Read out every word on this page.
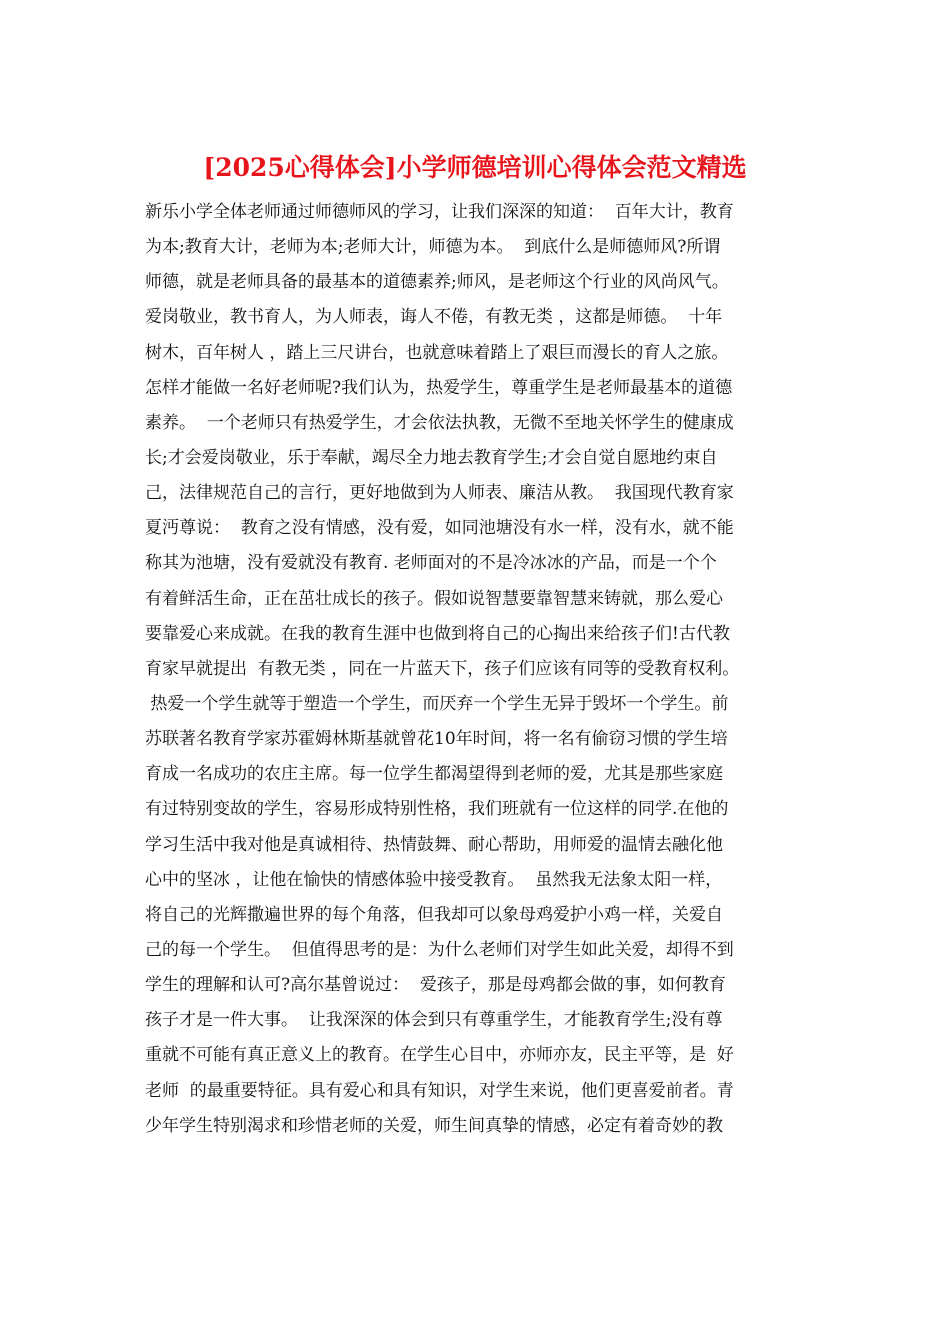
[2025心得体会]小学师德培训心得体会范文精选
新乐小学全体老师通过师德师风的学习，让我们深深的知道：  百年大计，教育
为本;教育大计，老师为本;老师大计，师德为本。  到底什么是师德师风?所谓
师德，就是老师具备的最基本的道德素养;师风，是老师这个行业的风尚风气。
爱岗敬业，教书育人，为人师表，诲人不倦，有教无类 ，这都是师德。  十年
树木，百年树人 ，踏上三尺讲台，也就意味着踏上了艰巨而漫长的育人之旅。
怎样才能做一名好老师呢?我们认为，热爱学生，尊重学生是老师最基本的道德
素养。  一个老师只有热爱学生，才会依法执教，无微不至地关怀学生的健康成
长;才会爱岗敬业，乐于奉献，竭尽全力地去教育学生;才会自觉自愿地约束自
己，法律规范自己的言行，更好地做到为人师表、廉洁从教。  我国现代教育家
夏沔尊说：  教育之没有情感，没有爱，如同池塘没有水一样，没有水，就不能
称其为池塘，没有爱就没有教育. 老师面对的不是冷冰冰的产品，而是一个个
有着鲜活生命，正在茁壮成长的孩子。假如说智慧要靠智慧来铸就，那么爱心
要靠爱心来成就。在我的教育生涯中也做到将自己的心掏出来给孩子们!古代教
育家早就提出  有教无类 ，同在一片蓝天下，孩子们应该有同等的受教育权利。
热爱一个学生就等于塑造一个学生，而厌弃一个学生无异于毁坏一个学生。前
苏联著名教育学家苏霍姆林斯基就曾花10年时间，将一名有偷窃习惯的学生培
育成一名成功的农庄主席。每一位学生都渴望得到老师的爱，尤其是那些家庭
有过特别变故的学生，容易形成特别性格，我们班就有一位这样的同学.在他的
学习生活中我对他是真诚相待、热情鼓舞、耐心帮助，用师爱的温情去融化他
心中的坚冰 ，让他在愉快的情感体验中接受教育。  虽然我无法象太阳一样，
将自己的光辉撒遍世界的每个角落，但我却可以象母鸡爱护小鸡一样，关爱自
己的每一个学生。  但值得思考的是：为什么老师们对学生如此关爱，却得不到
学生的理解和认可?高尔基曾说过：  爱孩子，那是母鸡都会做的事，如何教育
孩子才是一件大事。  让我深深的体会到只有尊重学生，才能教育学生;没有尊
重就不可能有真正意义上的教育。在学生心目中，亦师亦友，民主平等，是  好
老师  的最重要特征。具有爱心和具有知识，对学生来说，他们更喜爱前者。青
少年学生特别渴求和珍惜老师的关爱，师生间真挚的情感，必定有着奇妙的教
